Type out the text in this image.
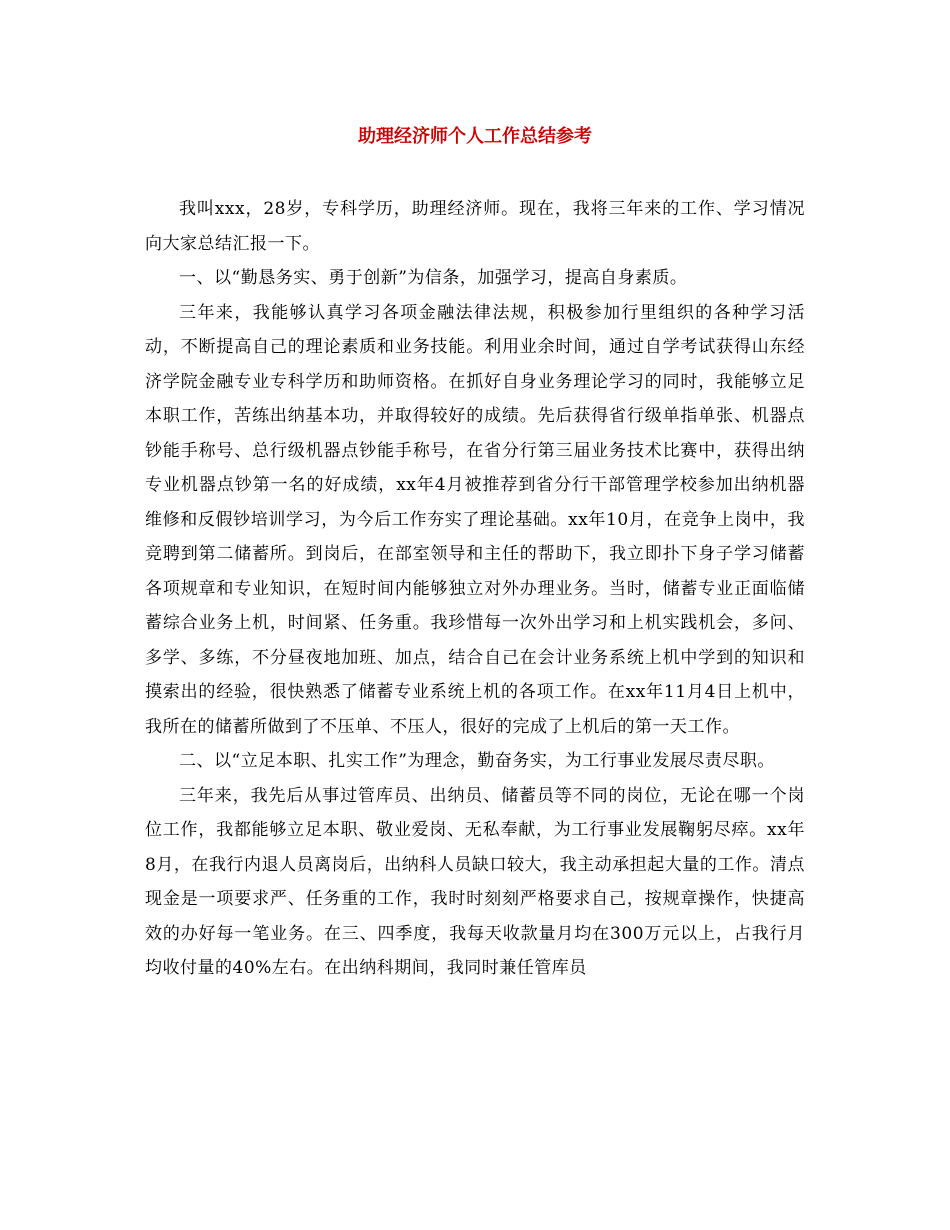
助理经济师个人工作总结参考

我叫xxx，28岁，专科学历，助理经济师。现在，我将三年来的工作、学习情况向大家总结汇报一下。

一、以“勤恳务实、勇于创新”为信条，加强学习，提高自身素质。

三年来，我能够认真学习各项金融法律法规，积极参加行里组织的各种学习活动，不断提高自己的理论素质和业务技能。利用业余时间，通过自学考试获得山东经济学院金融专业专科学历和助师资格。在抓好自身业务理论学习的同时，我能够立足本职工作，苦练出纳基本功，并取得较好的成绩。先后获得省行级单指单张、机器点钞能手称号、总行级机器点钞能手称号，在省分行第三届业务技术比赛中，获得出纳专业机器点钞第一名的好成绩，xx年4月被推荐到省分行干部管理学校参加出纳机器维修和反假钞培训学习，为今后工作夯实了理论基础。xx年10月，在竞争上岗中，我竞聘到第二储蓄所。到岗后，在部室领导和主任的帮助下，我立即扑下身子学习储蓄各项规章和专业知识，在短时间内能够独立对外办理业务。当时，储蓄专业正面临储蓄综合业务上机，时间紧、任务重。我珍惜每一次外出学习和上机实践机会，多问、多学、多练，不分昼夜地加班、加点，结合自己在会计业务系统上机中学到的知识和摸索出的经验，很快熟悉了储蓄专业系统上机的各项工作。在xx年11月4日上机中，我所在的储蓄所做到了不压单、不压人，很好的完成了上机后的第一天工作。

二、以“立足本职、扎实工作”为理念，勤奋务实，为工行事业发展尽责尽职。

三年来，我先后从事过管库员、出纳员、储蓄员等不同的岗位，无论在哪一个岗位工作，我都能够立足本职、敬业爱岗、无私奉献，为工行事业发展鞠躬尽瘁。xx年8月，在我行内退人员离岗后，出纳科人员缺口较大，我主动承担起大量的工作。清点现金是一项要求严、任务重的工作，我时时刻刻严格要求自己，按规章操作，快捷高效的办好每一笔业务。在三、四季度，我每天收款量月均在300万元以上，占我行月均收付量的40%左右。在出纳科期间，我同时兼任管库员
